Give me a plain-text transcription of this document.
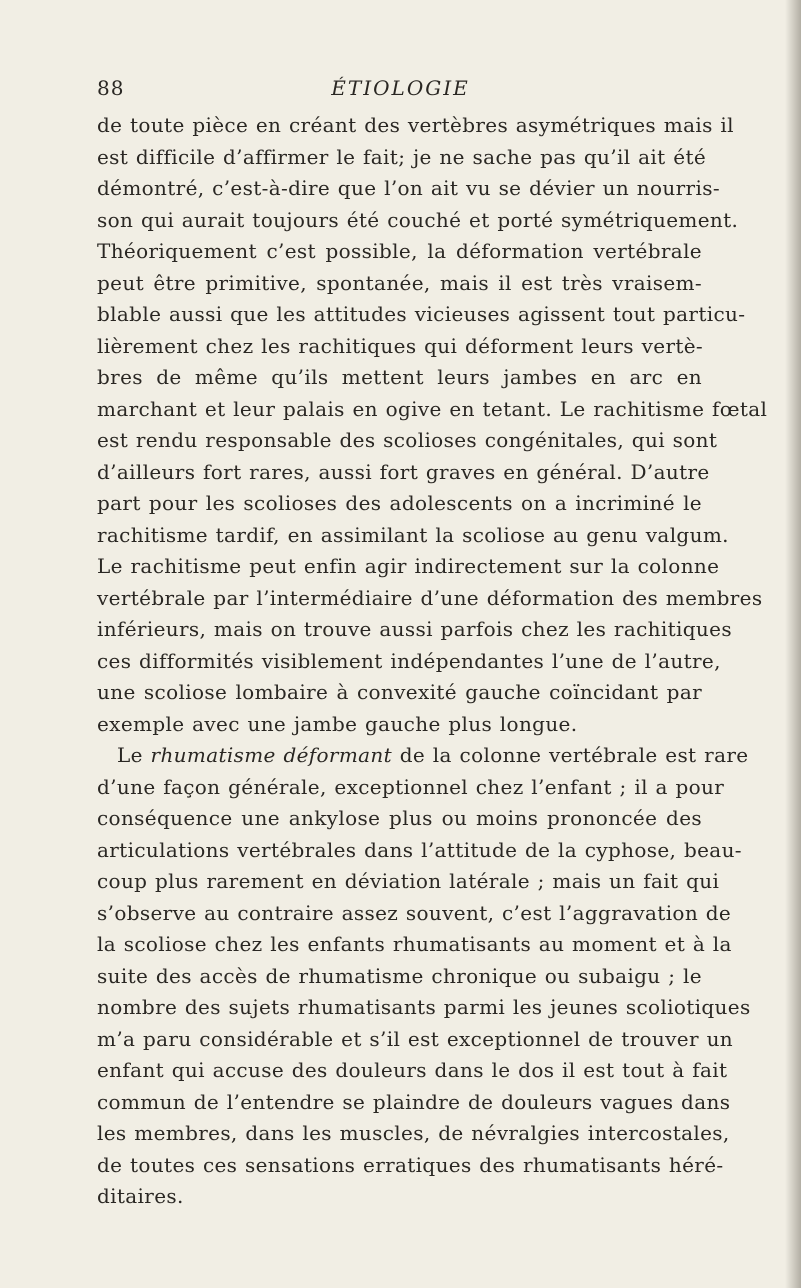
88	ÉTIOLOGIE
de toute pièce en créant des vertèbres asymétriques mais il
est difficile d’affirmer le fait; je ne sache pas qu’il ait été
démontré, c’est-à-dire que l’on ait vu se dévier un nourris-
son qui aurait toujours été couché et porté symétriquement.
Théoriquement c’est possible, la déformation vertébrale
peut être primitive, spontanée, mais il est très vraisem-
blable aussi que les attitudes vicieuses agissent tout particu-
lièrement chez les rachitiques qui déforment leurs vertè-
bres de même qu’ils mettent leurs jambes en arc en
marchant et leur palais en ogive en tetant. Le rachitisme fœtal
est rendu responsable des scolioses congénitales, qui sont
d’ailleurs fort rares, aussi fort graves en général. D’autre
part pour les scolioses des adolescents on a incriminé le
rachitisme tardif, en assimilant la scoliose au genu valgum.
Le rachitisme peut enfin agir indirectement sur la colonne
vertébrale par l’intermédiaire d’une déformation des membres
inférieurs, mais on trouve aussi parfois chez les rachitiques
ces difformités visiblement indépendantes l’une de l’autre,
une scoliose lombaire à convexité gauche coïncidant par
exemple avec une jambe gauche plus longue.
Le rhumatisme déformant de la colonne vertébrale est rare
d’une façon générale, exceptionnel chez l’enfant ; il a pour
conséquence une ankylose plus ou moins prononcée des
articulations vertébrales dans l’attitude de la cyphose, beau-
coup plus rarement en déviation latérale ; mais un fait qui
s’observe au contraire assez souvent, c’est l’aggravation de
la scoliose chez les enfants rhumatisants au moment et à la
suite des accès de rhumatisme chronique ou subaigu ; le
nombre des sujets rhumatisants parmi les jeunes scoliotiques
m’a paru considérable et s’il est exceptionnel de trouver un
enfant qui accuse des douleurs dans le dos il est tout à fait
commun de l’entendre se plaindre de douleurs vagues dans
les membres, dans les muscles, de névralgies intercostales,
de toutes ces sensations erratiques des rhumatisants héré-
ditaires.
